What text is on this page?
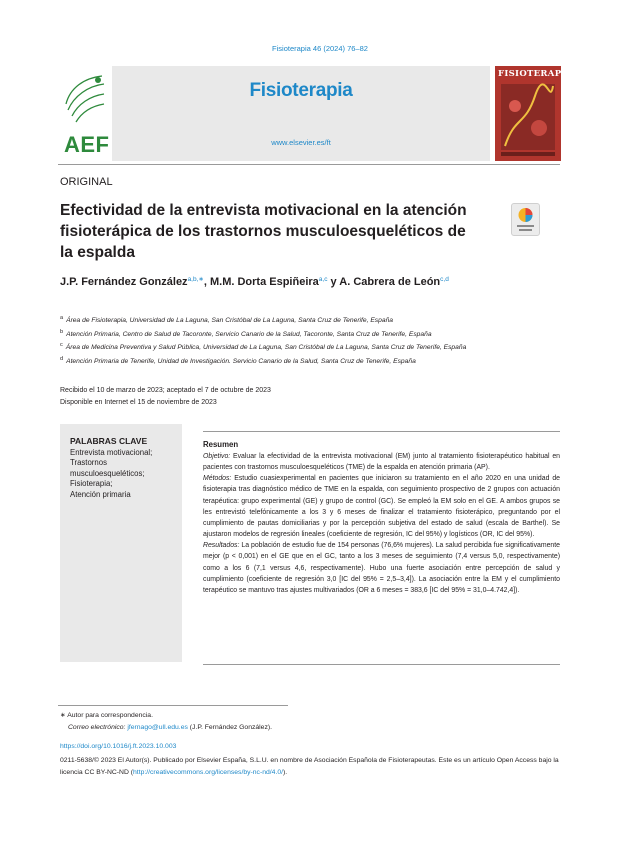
Fisioterapia 46 (2024) 76–82
AEF
Fisioterapia
www.elsevier.es/ft
FISIOTERAPIA
ORIGINAL
Efectividad de la entrevista motivacional en la atención fisioterápica de los trastornos musculoesqueléticos de la espalda
J.P. Fernández González$^{a,b,∗}$, M.M. Dorta Espiñeira$^{a,c}$ y A. Cabrera de León$^{c,d}$
$^a$ Área de Fisioterapia, Universidad de La Laguna, San Cristóbal de La Laguna, Santa Cruz de Tenerife, España
$^b$ Atención Primaria, Centro de Salud de Tacoronte, Servicio Canario de la Salud, Tacoronte, Santa Cruz de Tenerife, España
$^c$ Área de Medicina Preventiva y Salud Pública, Universidad de La Laguna, San Cristóbal de La Laguna, Santa Cruz de Tenerife, España
$^d$ Atención Primaria de Tenerife, Unidad de Investigación. Servicio Canario de la Salud, Santa Cruz de Tenerife, España
Recibido el 10 de marzo de 2023; aceptado el 7 de octubre de 2023
Disponible en Internet el 15 de noviembre de 2023
PALABRAS CLAVE
Entrevista motivacional;
Trastornos musculoesqueléticos;
Fisioterapia;
Atención primaria
Resumen
Objetivo: Evaluar la efectividad de la entrevista motivacional (EM) junto al tratamiento fisioterapéutico habitual en pacientes con trastornos musculoesqueléticos (TME) de la espalda en atención primaria (AP).
Métodos: Estudio cuasiexperimental en pacientes que iniciaron su tratamiento en el año 2020 en una unidad de fisioterapia tras diagnóstico médico de TME en la espalda, con seguimiento prospectivo de 2 grupos con actuación terapéutica: grupo experimental (GE) y grupo de control (GC). Se empleó la EM solo en el GE. A ambos grupos se les entrevistó telefónicamente a los 3 y 6 meses de finalizar el tratamiento fisioterápico, preguntando por el cumplimiento de pautas domiciliarias y por la percepción subjetiva del estado de salud (escala de Barthel). Se ajustaron modelos de regresión lineales (coeficiente de regresión, IC del 95%) y logísticos (OR, IC del 95%).
Resultados: La población de estudio fue de 154 personas (76,6% mujeres). La salud percibida fue significativamente mejor (p < 0,001) en el GE que en el GC, tanto a los 3 meses de seguimiento (7,4 versus 5,0, respectivamente) como a los 6 (7,1 versus 4,6, respectivamente). Hubo una fuerte asociación entre percepción de salud y cumplimiento (coeficiente de regresión 3,0 [IC del 95% = 2,5–3,4]). La asociación entre la EM y el cumplimiento terapéutico se mantuvo tras ajustes multivariados (OR a 6 meses = 383,6 [IC del 95% = 31,0–4.742,4]).
∗ Autor para correspondencia.
Correo electrónico: jfernago@ull.edu.es (J.P. Fernández González).
https://doi.org/10.1016/j.ft.2023.10.003
0211-5638/© 2023 El Autor(s). Publicado por Elsevier España, S.L.U. en nombre de Asociación Española de Fisioterapeutas. Este es un artículo Open Access bajo la licencia CC BY-NC-ND (http://creativecommons.org/licenses/by-nc-nd/4.0/).
